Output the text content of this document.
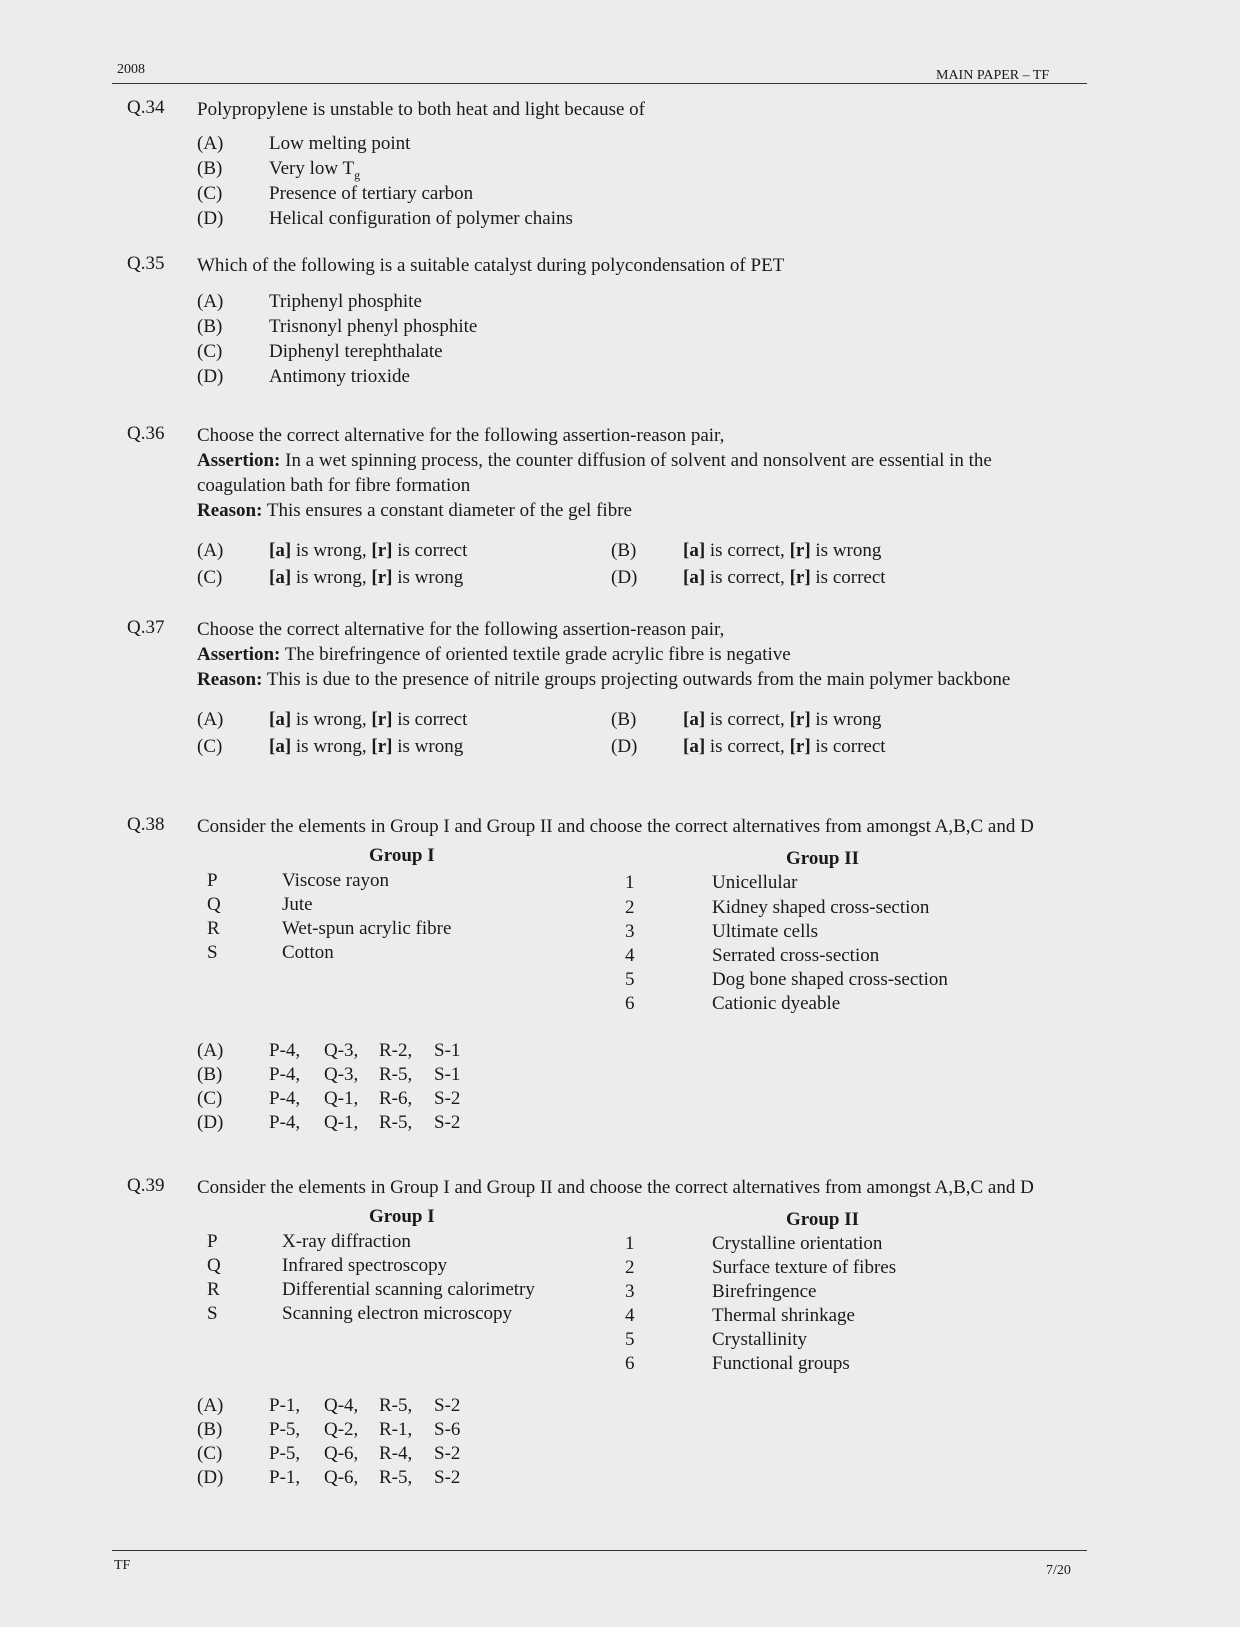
2008	MAIN PAPER – TF
Q.34 Polypropylene is unstable to both heat and light because of
(A)	Low melting point
(B)	Very low $T_g$
(C)	Presence of tertiary carbon
(D)	Helical configuration of polymer chains
Q.35 Which of the following is a suitable catalyst during polycondensation of PET
(A)	Triphenyl phosphite
(B)	Trisnonyl phenyl phosphite
(C)	Diphenyl terephthalate
(D)	Antimony trioxide
Q.36 Choose the correct alternative for the following assertion-reason pair,
Assertion: In a wet spinning process, the counter diffusion of solvent and nonsolvent are essential in the coagulation bath for fibre formation
Reason: This ensures a constant diameter of the gel fibre
(A)	[a] is wrong, [r] is correct	(B)	[a] is correct, [r] is wrong
(C)	[a] is wrong, [r] is wrong	(D)	[a] is correct, [r] is correct
Q.37 Choose the correct alternative for the following assertion-reason pair,
Assertion: The birefringence of oriented textile grade acrylic fibre is negative
Reason: This is due to the presence of nitrile groups projecting outwards from the main polymer backbone
(A)	[a] is wrong, [r] is correct	(B)	[a] is correct, [r] is wrong
(C)	[a] is wrong, [r] is wrong	(D)	[a] is correct, [r] is correct
Q.38 Consider the elements in Group I and Group II and choose the correct alternatives from amongst A,B,C and D
Group I	Group II
P	Viscose rayon
Q	Jute
R	Wet-spun acrylic fibre
S	Cotton
1	Unicellular
2	Kidney shaped cross-section
3	Ultimate cells
4	Serrated cross-section
5	Dog bone shaped cross-section
6	Cationic dyeable
(A)	P-4,	Q-3,	R-2,	S-1
(B)	P-4,	Q-3,	R-5,	S-1
(C)	P-4,	Q-1,	R-6,	S-2
(D)	P-4,	Q-1,	R-5,	S-2
Q.39 Consider the elements in Group I and Group II and choose the correct alternatives from amongst A,B,C and D
Group I	Group II
P	X-ray diffraction
Q	Infrared spectroscopy
R	Differential scanning calorimetry
S	Scanning electron microscopy
1	Crystalline orientation
2	Surface texture of fibres
3	Birefringence
4	Thermal shrinkage
5	Crystallinity
6	Functional groups
(A)	P-1,	Q-4,	R-5,	S-2
(B)	P-5,	Q-2,	R-1,	S-6
(C)	P-5,	Q-6,	R-4,	S-2
(D)	P-1,	Q-6,	R-5,	S-2
TF	7/20
